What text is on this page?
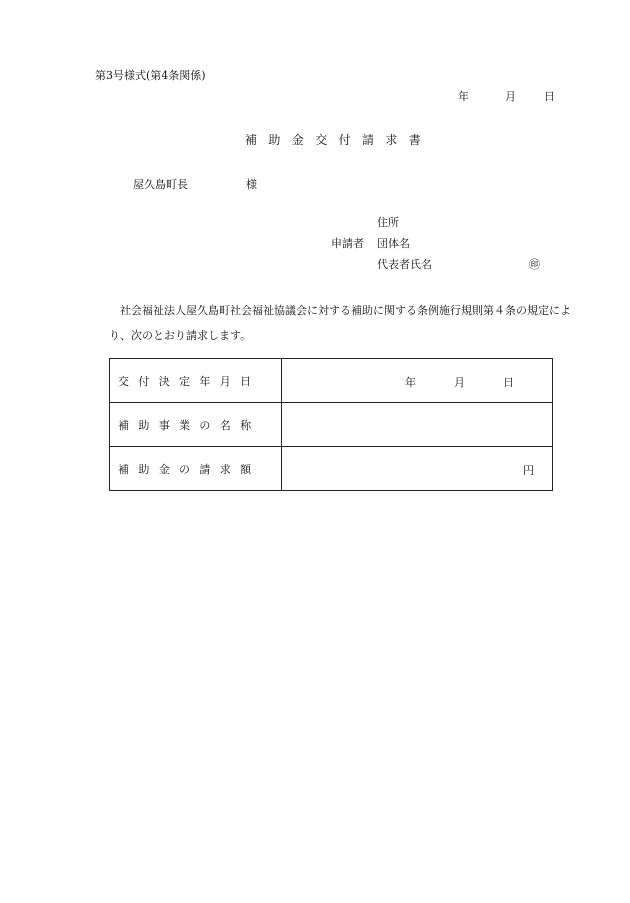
第3号様式(第4条関係)
年	月	日
補助金交付請求書
屋久島町長	様
住所
申請者 団体名
代表者氏名	㊞
社会福祉法人屋久島町社会福祉協議会に対する補助に関する条例施行規則第４条の規定により、次のとおり請求します。
交付決定年月日	年 月 日

補助事業の名称	
補助金の請求額	円
